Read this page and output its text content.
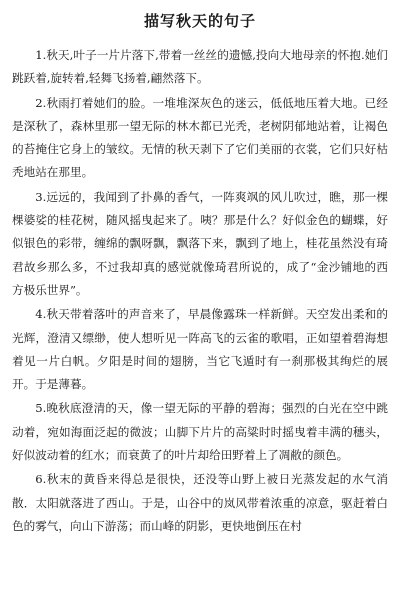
描写秋天的句子

1.秋天,叶子一片片落下,带着一丝丝的遗憾,投向大地母亲的怀抱.她们跳跃着,旋转着,轻舞飞扬着,翩然落下。

2.秋雨打着她们的脸。一堆堆深灰色的迷云，低低地压着大地。已经是深秋了，森林里那一望无际的林木都已光秃，老树阴郁地站着，让褐色的苔掩住它身上的皱纹。无情的秋天剥下了它们美丽的衣裳，它们只好枯秃地站在那里。

3.远远的，我闻到了扑鼻的香气，一阵爽飒的风儿吹过，瞧，那一棵棵婆娑的桂花树，随风摇曳起来了。咦？那是什么？好似金色的蝴蝶，好似银色的彩带，缠绵的飘呀飘，飘落下来，飘到了地上，桂花虽然没有琦君故乡那么多，不过我却真的感觉就像琦君所说的，成了“金沙铺地的西方极乐世界”。

4.秋天带着落叶的声音来了，早晨像露珠一样新鲜。天空发出柔和的光辉，澄清又缥缈，使人想听见一阵高飞的云雀的歌唱，正如望着碧海想着见一片白帆。夕阳是时间的翅膀，当它飞遁时有一刹那极其绚烂的展开。于是薄暮。

5.晚秋底澄清的天，像一望无际的平静的碧海；强烈的白光在空中跳动着，宛如海面泛起的微波；山脚下片片的高粱时时摇曳着丰满的穗头，好似波动着的红水；而衰黄了的叶片却给田野着上了凋敝的颜色。

6.秋末的黄昏来得总是很快，还没等山野上被日光蒸发起的水气消散．太阳就落进了西山。于是，山谷中的岚风带着浓重的凉意，驱赶着白色的雾气，向山下游荡；而山峰的阴影，更快地倒压在村
